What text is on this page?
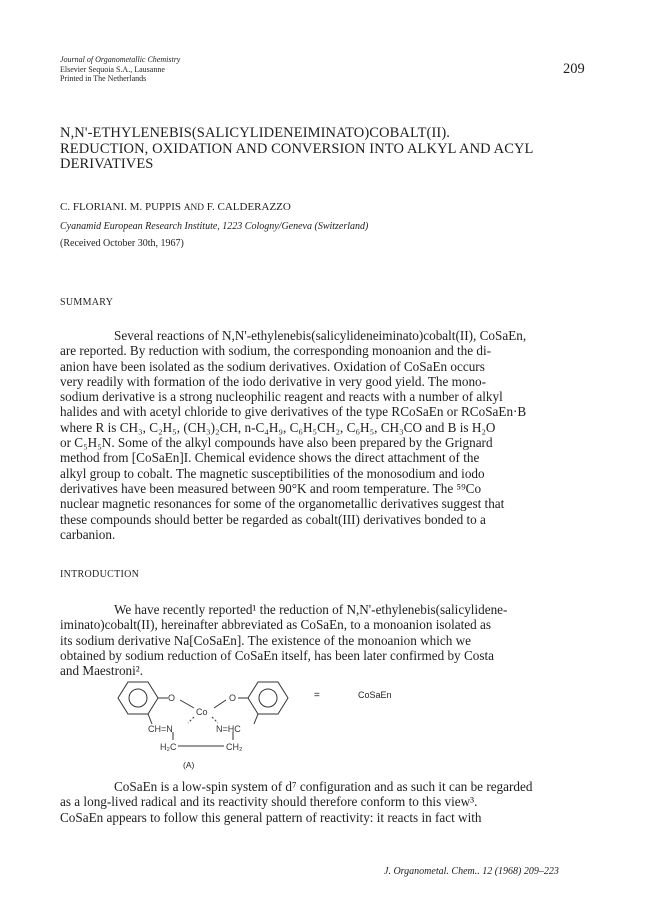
Journal of Organometallic Chemistry
Elsevier Sequoia S.A., Lausanne
Printed in The Netherlands
209
N,N'-ETHYLENEBIS(SALICYLIDENEIMINATO)COBALT(II).
REDUCTION, OXIDATION AND CONVERSION INTO ALKYL AND ACYL
DERIVATIVES
C. FLORIANI. M. PUPPIS AND F. CALDERAZZO
Cyanamid European Research Institute, 1223 Cologny/Geneva (Switzerland)
(Received October 30th, 1967)
SUMMARY
Several reactions of N,N'-ethylenebis(salicylideneiminato)cobalt(II), CoSaEn,
are reported. By reduction with sodium, the corresponding monoanion and the di-
anion have been isolated as the sodium derivatives. Oxidation of CoSaEn occurs
very readily with formation of the iodo derivative in very good yield. The mono-
sodium derivative is a strong nucleophilic reagent and reacts with a number of alkyl
halides and with acetyl chloride to give derivatives of the type RCoSaEn or RCoSaEn·B
where R is CH₃, C₂H₅, (CH₃)₂CH, n-C₄H₉, C₆H₅CH₂, C₆H₅, CH₃CO and B is H₂O
or C₅H₅N. Some of the alkyl compounds have also been prepared by the Grignard
method from [CoSaEn]I. Chemical evidence shows the direct attachment of the
alkyl group to cobalt. The magnetic susceptibilities of the monosodium and iodo
derivatives have been measured between 90°K and room temperature. The ⁵⁹Co
nuclear magnetic resonances for some of the organometallic derivatives suggest that
these compounds should better be regarded as cobalt(III) derivatives bonded to a
carbanion.
INTRODUCTION
We have recently reported¹ the reduction of N,N'-ethylenebis(salicylidene-
iminato)cobalt(II), hereinafter abbreviated as CoSaEn, to a monoanion isolated as
its sodium derivative Na[CoSaEn]. The existence of the monoanion which we
obtained by sodium reduction of CoSaEn itself, has been later confirmed by Costa
and Maestroni².
O	O
Co
CH=N	N=HC
H₂C	CH₂
=	CoSaEn
(A)
CoSaEn is a low-spin system of d⁷ configuration and as such it can be regarded
as a long-lived radical and its reactivity should therefore conform to this view³.
CoSaEn appears to follow this general pattern of reactivity: it reacts in fact with
J. Organometal. Chem.. 12 (1968) 209–223
